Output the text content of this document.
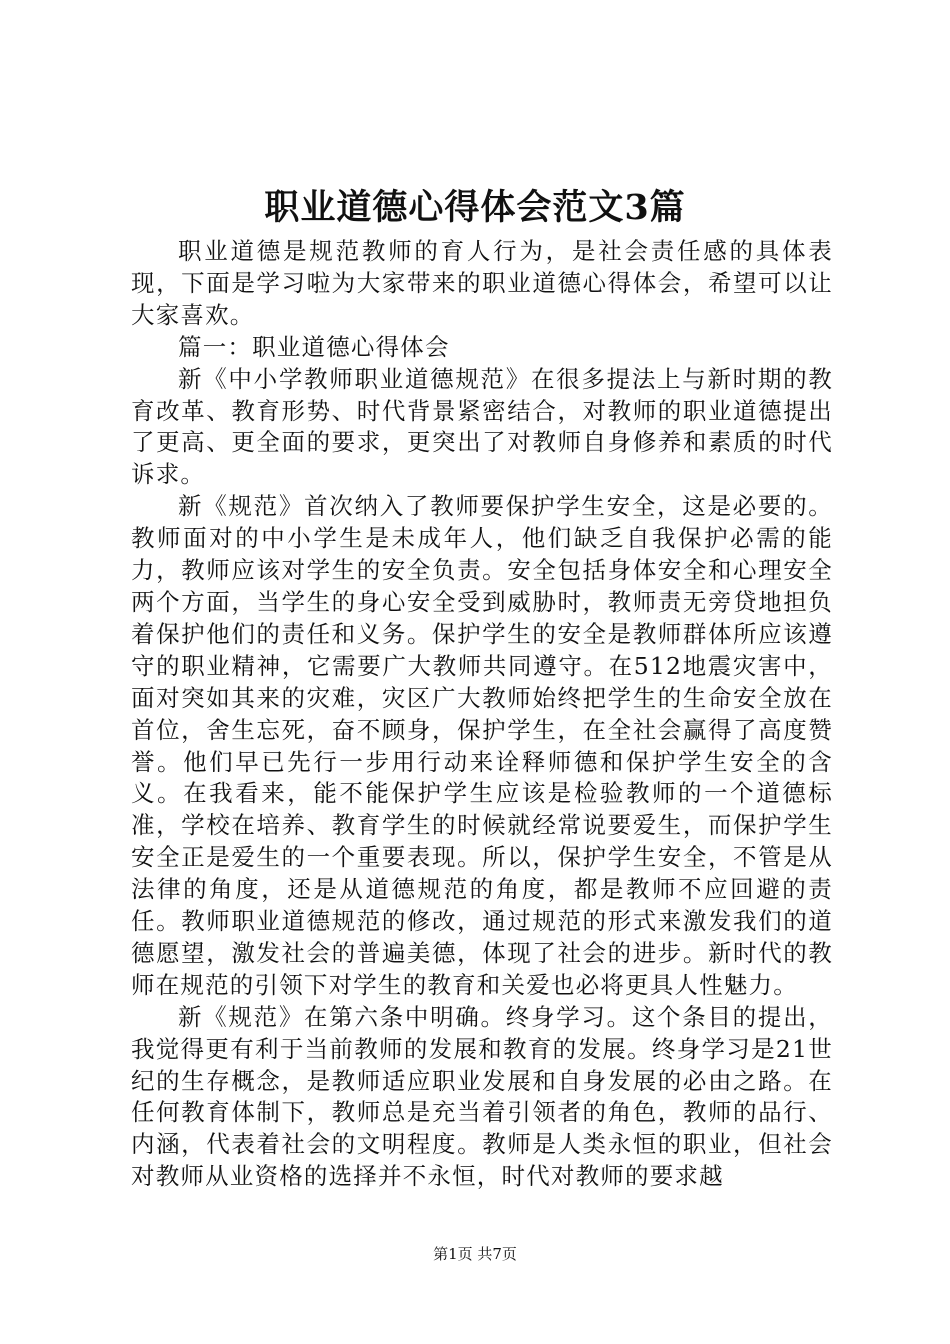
职业道德心得体会范文3篇

职业道德是规范教师的育人行为，是社会责任感的具体表现，下面是学习啦为大家带来的职业道德心得体会，希望可以让大家喜欢。

篇一：职业道德心得体会

新《中小学教师职业道德规范》在很多提法上与新时期的教育改革、教育形势、时代背景紧密结合，对教师的职业道德提出了更高、更全面的要求，更突出了对教师自身修养和素质的时代诉求。

新《规范》首次纳入了教师要保护学生安全，这是必要的。教师面对的中小学生是未成年人，他们缺乏自我保护必需的能力，教师应该对学生的安全负责。安全包括身体安全和心理安全两个方面，当学生的身心安全受到威胁时，教师责无旁贷地担负着保护他们的责任和义务。保护学生的安全是教师群体所应该遵守的职业精神，它需要广大教师共同遵守。在512地震灾害中，面对突如其来的灾难，灾区广大教师始终把学生的生命安全放在首位，舍生忘死，奋不顾身，保护学生，在全社会赢得了高度赞誉。他们早已先行一步用行动来诠释师德和保护学生安全的含义。在我看来，能不能保护学生应该是检验教师的一个道德标准，学校在培养、教育学生的时候就经常说要爱生，而保护学生安全正是爱生的一个重要表现。所以，保护学生安全，不管是从法律的角度，还是从道德规范的角度，都是教师不应回避的责任。教师职业道德规范的修改，通过规范的形式来激发我们的道德愿望，激发社会的普遍美德，体现了社会的进步。新时代的教师在规范的引领下对学生的教育和关爱也必将更具人性魅力。

新《规范》在第六条中明确。终身学习。这个条目的提出，我觉得更有利于当前教师的发展和教育的发展。终身学习是21世纪的生存概念，是教师适应职业发展和自身发展的必由之路。在任何教育体制下，教师总是充当着引领者的角色，教师的品行、内涵，代表着社会的文明程度。教师是人类永恒的职业，但社会对教师从业资格的选择并不永恒，时代对教师的要求越

第1页 共7页
